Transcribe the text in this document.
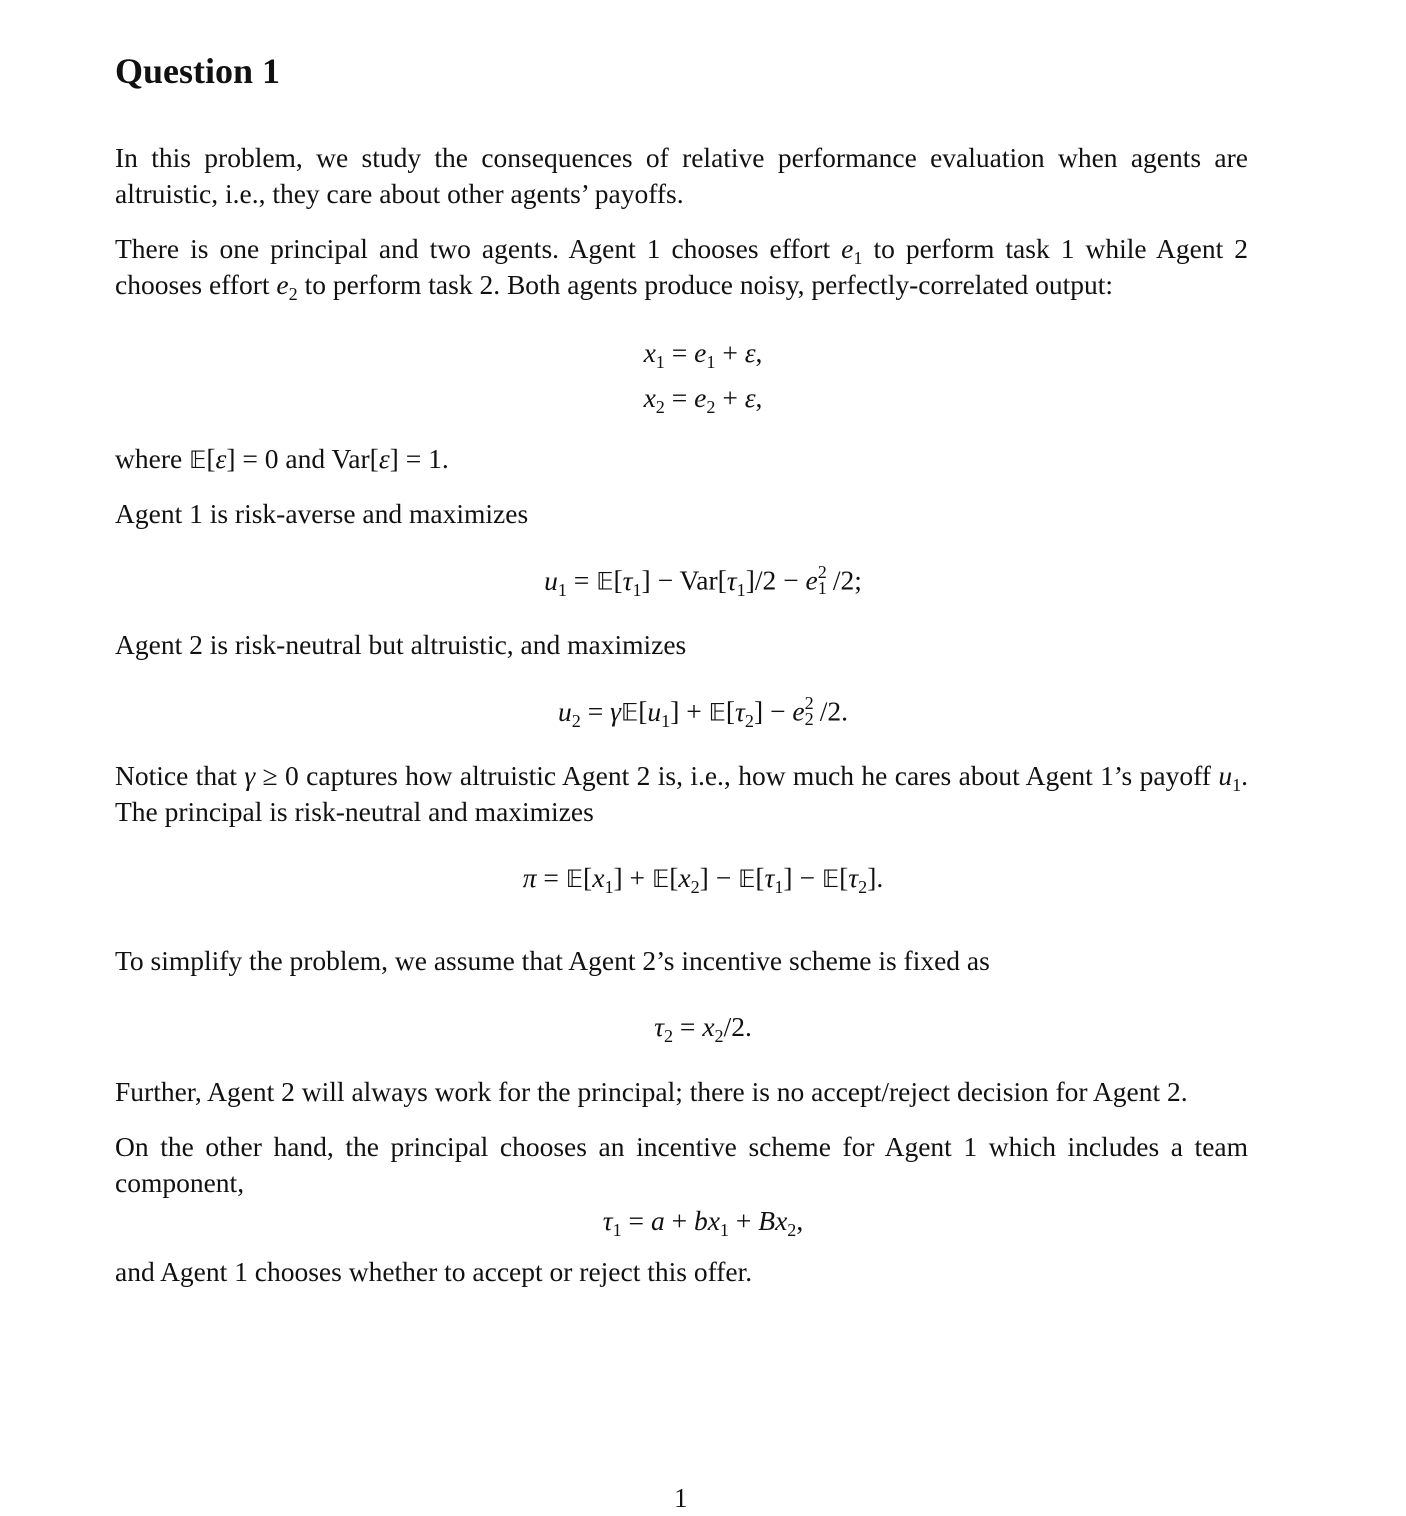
Question 1

In this problem, we study the consequences of relative performance evaluation when agents are altruistic, i.e., they care about other agents’ payoffs.

There is one principal and two agents. Agent 1 chooses effort $e_1$ to perform task 1 while Agent 2 chooses effort $e_2$ to perform task 2. Both agents produce noisy, perfectly-correlated output:

$x_1 = e_1 + \varepsilon$,
$x_2 = e_2 + \varepsilon$,

where 𝔼[ε] = 0 and Var[ε] = 1.

Agent 1 is risk-averse and maximizes

$u_1$ = $𝔼[\tau_1] - Var[\tau_1]/2 - e$ 2
1 /2;

Agent 2 is risk-neutral but altruistic, and maximizes

$u_2$ = $\gamma 𝔼[u_1]$ + $𝔼[\tau_2] - e$ 2
2 /2.

Notice that γ ≥ 0 captures how altruistic Agent 2 is, i.e., how much he cares about Agent 1’s payoff $u_1$. The principal is risk-neutral and maximizes

$\pi = 𝔼[x_1]$ + $𝔼[x_2]$ − $𝔼[\tau_1]$ − $𝔼[\tau_2]$.

To simplify the problem, we assume that Agent 2’s incentive scheme is fixed as

$\tau_2 = x_2/2$.

Further, Agent 2 will always work for the principal; there is no accept/reject decision for Agent 2.

On the other hand, the principal chooses an incentive scheme for Agent 1 which includes a team component,

$\tau_1 = a + bx_1 + Bx_2$,

and Agent 1 chooses whether to accept or reject this offer.

1
